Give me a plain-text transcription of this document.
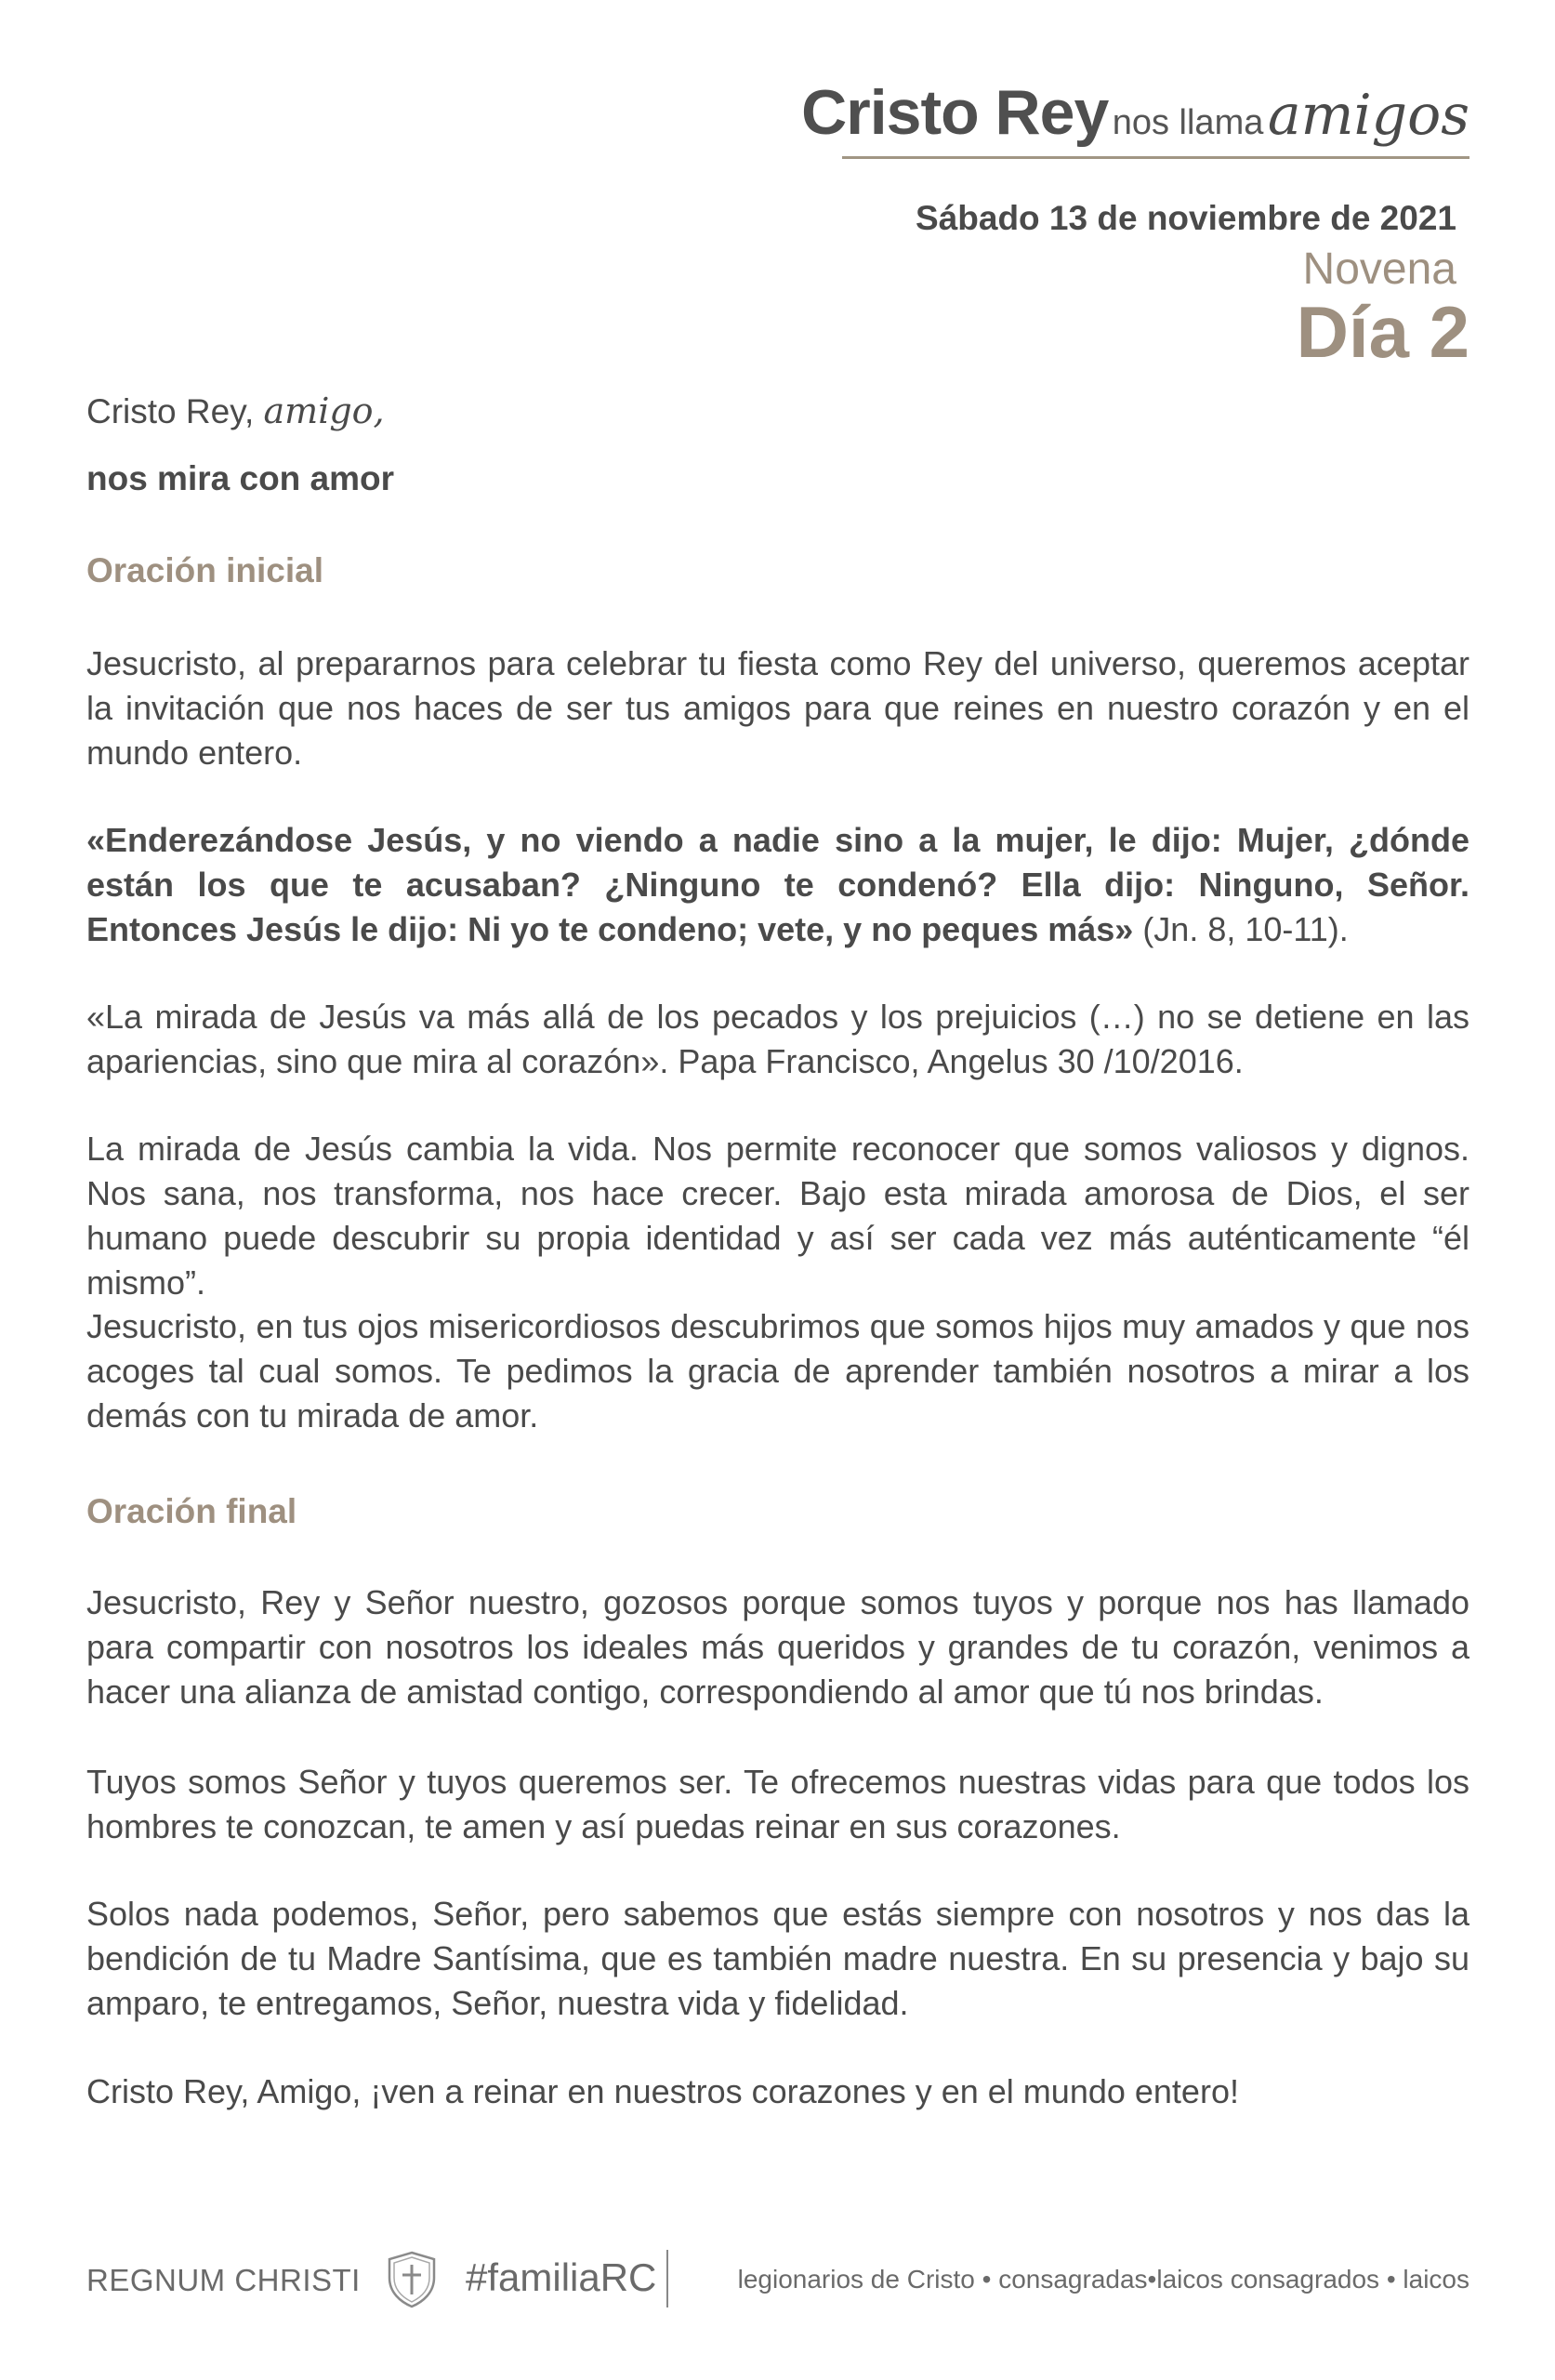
Cristo Rey nos llama amigos
Sábado 13 de noviembre de 2021
Novena
Día 2
Cristo Rey, amigo,
nos mira con amor
Oración inicial
Jesucristo, al prepararnos para celebrar tu fiesta como Rey del universo, queremos aceptar la invitación que nos haces de ser tus amigos para que reines en nuestro corazón y en el mundo entero.
«Enderezándose Jesús, y no viendo a nadie sino a la mujer, le dijo: Mujer, ¿dónde están los que te acusaban? ¿Ninguno te condenó? Ella dijo: Ninguno, Señor. Entonces Jesús le dijo: Ni yo te condeno; vete, y no peques más» (Jn. 8, 10-11).
«La mirada de Jesús va más allá de los pecados y los prejuicios (…) no se detiene en las apariencias, sino que mira al corazón». Papa Francisco, Angelus 30 /10/2016.
La mirada de Jesús cambia la vida. Nos permite reconocer que somos valiosos y dignos. Nos sana, nos transforma, nos hace crecer. Bajo esta mirada amorosa de Dios, el ser humano puede descubrir su propia identidad y así ser cada vez más auténticamente “él mismo”.
Jesucristo, en tus ojos misericordiosos descubrimos que somos hijos muy amados y que nos acoges tal cual somos. Te pedimos la gracia de aprender también nosotros a mirar a los demás con tu mirada de amor.
Oración final
Jesucristo, Rey y Señor nuestro, gozosos porque somos tuyos y porque nos has llamado para compartir con nosotros los ideales más queridos y grandes de tu corazón, venimos a hacer una alianza de amistad contigo, correspondiendo al amor que tú nos brindas.
Tuyos somos Señor y tuyos queremos ser. Te ofrecemos nuestras vidas para que todos los hombres te conozcan, te amen y así puedas reinar en sus corazones.
Solos nada podemos, Señor, pero sabemos que estás siempre con nosotros y nos das la bendición de tu Madre Santísima, que es también madre nuestra. En su presencia y bajo su amparo, te entregamos, Señor, nuestra vida y fidelidad.
Cristo Rey, Amigo, ¡ven a reinar en nuestros corazones y en el mundo entero!
REGNUM CHRISTI	#familiaRC	legionarios de Cristo • consagradas•laicos consagrados • laicos
